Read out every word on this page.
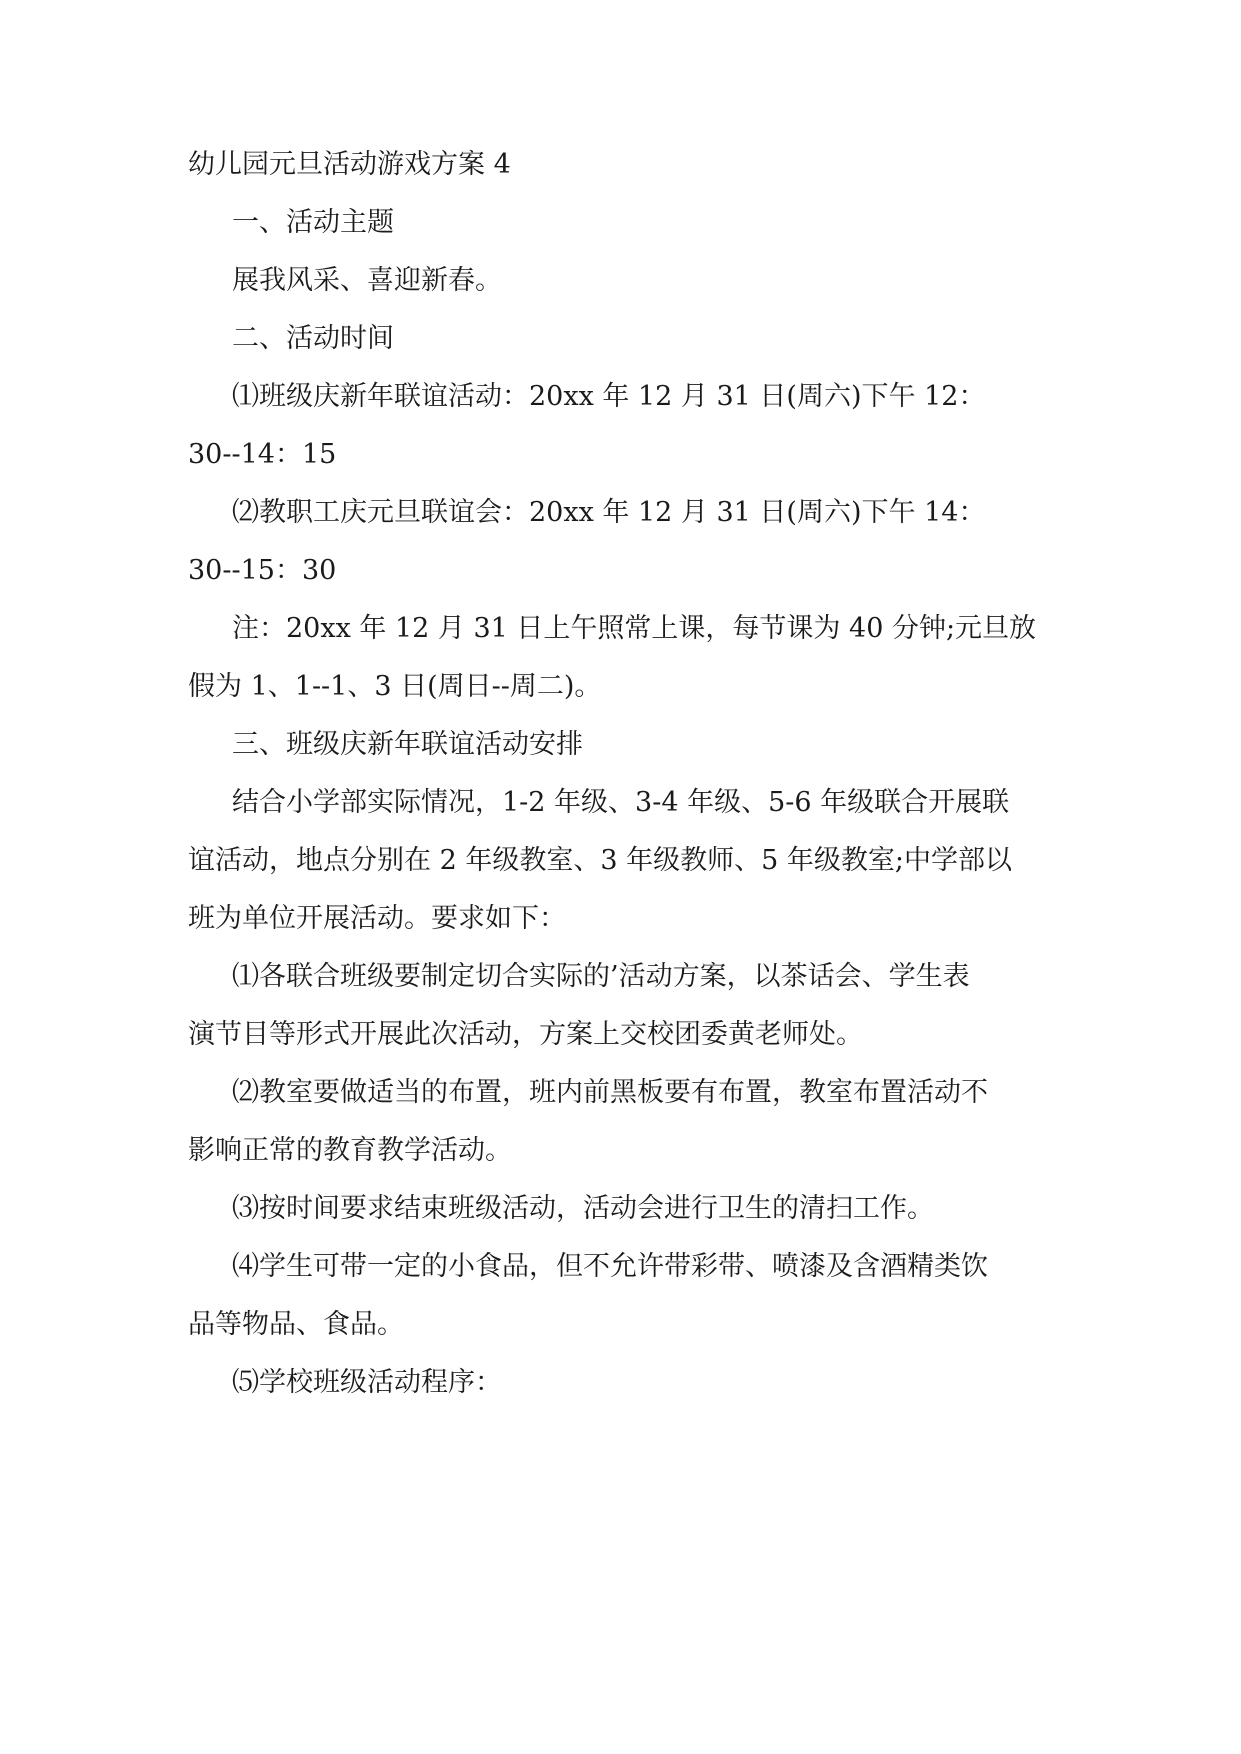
幼儿园元旦活动游戏方案 4
一、活动主题
展我风采、喜迎新春。
二、活动时间
⑴班级庆新年联谊活动：20xx 年 12 月 31 日(周六)下午 12：
30--14：15
⑵教职工庆元旦联谊会：20xx 年 12 月 31 日(周六)下午 14：
30--15：30
注：20xx 年 12 月 31 日上午照常上课，每节课为 40 分钟;元旦放
假为 1、1--1、3 日(周日--周二)。
三、班级庆新年联谊活动安排
结合小学部实际情况，1-2 年级、3-4 年级、5-6 年级联合开展联
谊活动，地点分别在 2 年级教室、3 年级教师、5 年级教室;中学部以
班为单位开展活动。要求如下：
⑴各联合班级要制定切合实际的’活动方案，以茶话会、学生表
演节目等形式开展此次活动，方案上交校团委黄老师处。
⑵教室要做适当的布置，班内前黑板要有布置，教室布置活动不
影响正常的教育教学活动。
⑶按时间要求结束班级活动，活动会进行卫生的清扫工作。
⑷学生可带一定的小食品，但不允许带彩带、喷漆及含酒精类饮
品等物品、食品。
⑸学校班级活动程序：
